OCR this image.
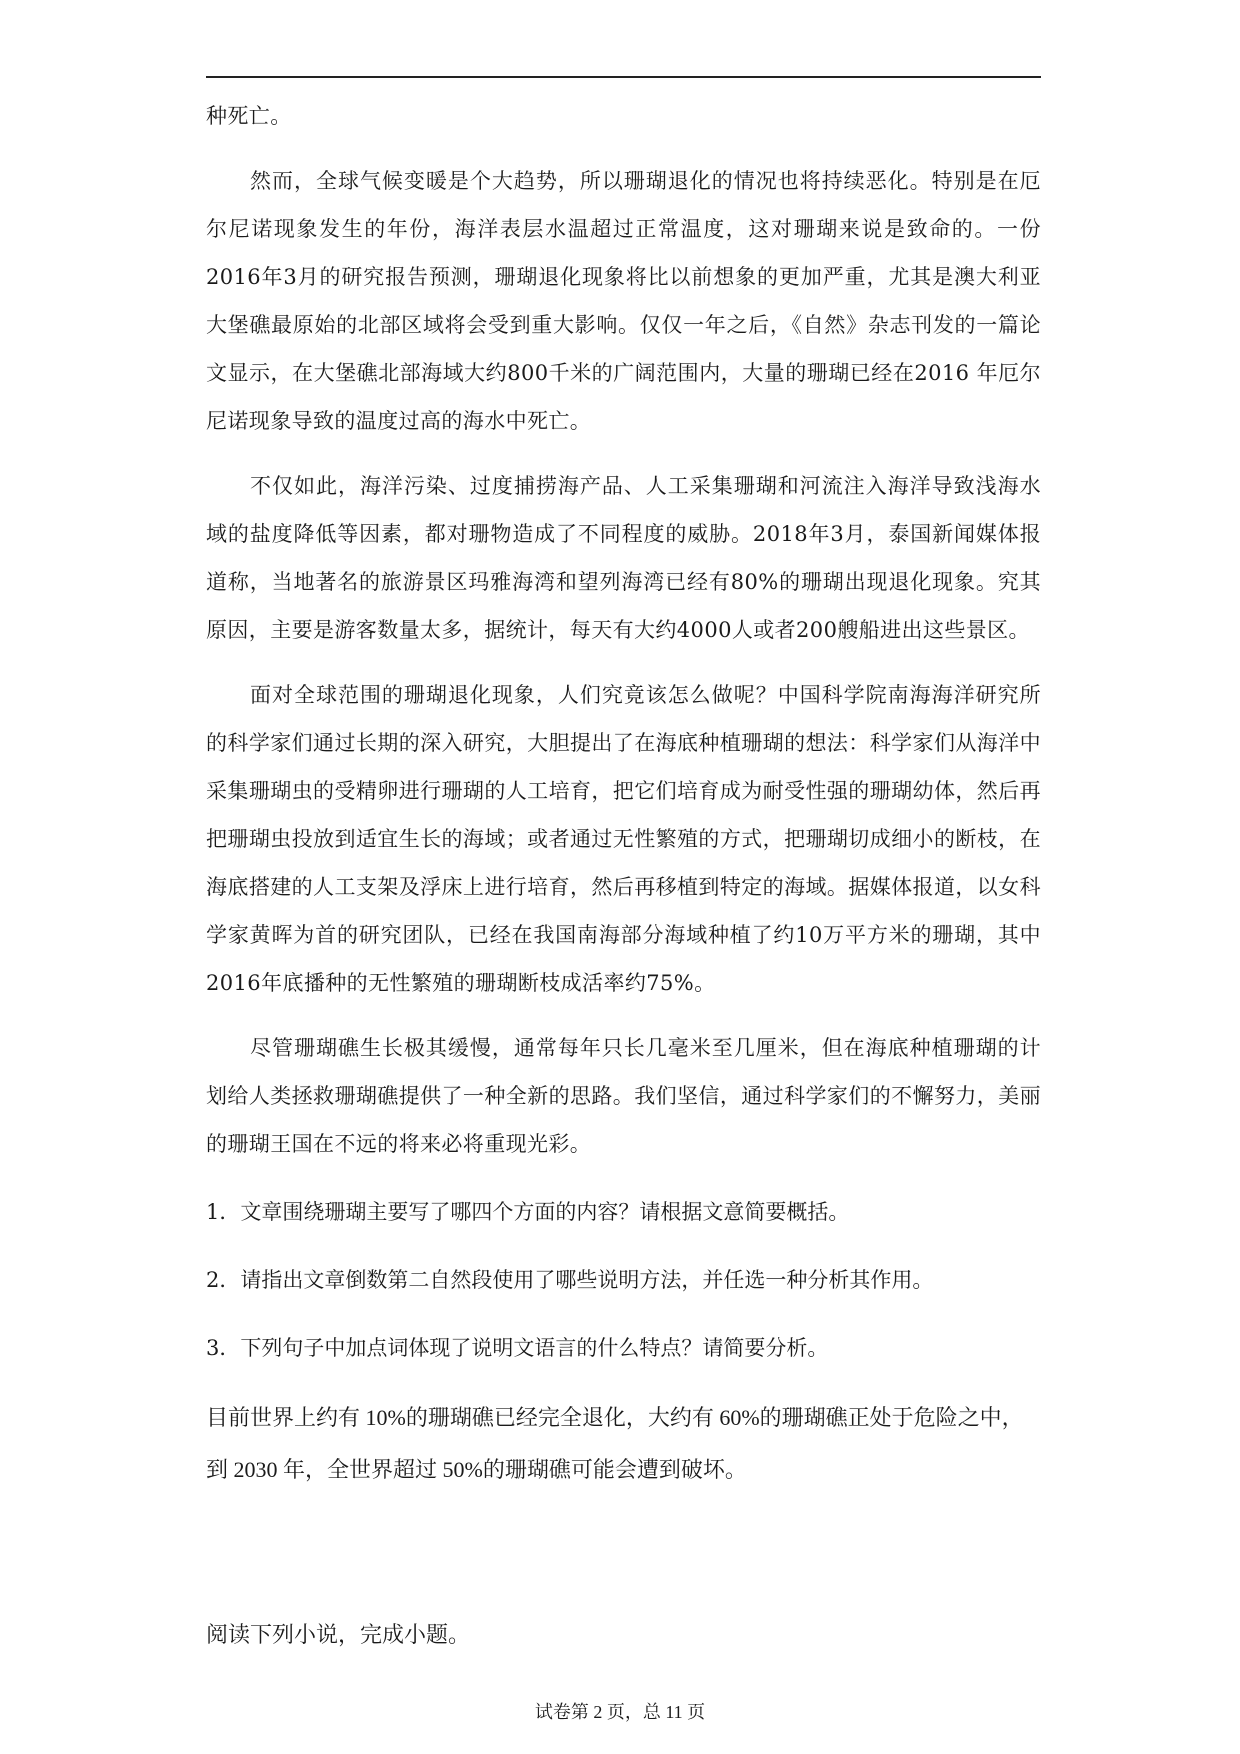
种死亡。

然而，全球气候变暖是个大趋势，所以珊瑚退化的情况也将持续恶化。特别是在厄尔尼诺现象发生的年份，海洋表层水温超过正常温度，这对珊瑚来说是致命的。一份2016年3月的研究报告预测，珊瑚退化现象将比以前想象的更加严重，尤其是澳大利亚大堡礁最原始的北部区域将会受到重大影响。仅仅一年之后，《自然》杂志刊发的一篇论文显示，在大堡礁北部海域大约800千米的广阔范围内，大量的珊瑚已经在2016 年厄尔尼诺现象导致的温度过高的海水中死亡。

不仅如此，海洋污染、过度捕捞海产品、人工采集珊瑚和河流注入海洋导致浅海水域的盐度降低等因素，都对珊物造成了不同程度的威胁。2018年3月，泰国新闻媒体报道称，当地著名的旅游景区玛雅海湾和望列海湾已经有80%的珊瑚出现退化现象。究其原因，主要是游客数量太多，据统计，每天有大约4000人或者200艘船进出这些景区。

面对全球范围的珊瑚退化现象，人们究竟该怎么做呢？中国科学院南海海洋研究所的科学家们通过长期的深入研究，大胆提出了在海底种植珊瑚的想法：科学家们从海洋中采集珊瑚虫的受精卵进行珊瑚的人工培育，把它们培育成为耐受性强的珊瑚幼体，然后再把珊瑚虫投放到适宜生长的海域；或者通过无性繁殖的方式，把珊瑚切成细小的断枝，在海底搭建的人工支架及浮床上进行培育，然后再移植到特定的海域。据媒体报道，以女科学家黄晖为首的研究团队，已经在我国南海部分海域种植了约10万平方米的珊瑚，其中2016年底播种的无性繁殖的珊瑚断枝成活率约75%。

尽管珊瑚礁生长极其缓慢，通常每年只长几毫米至几厘米，但在海底种植珊瑚的计划给人类拯救珊瑚礁提供了一种全新的思路。我们坚信，通过科学家们的不懈努力，美丽的珊瑚王国在不远的将来必将重现光彩。

1．文章围绕珊瑚主要写了哪四个方面的内容？请根据文意简要概括。

2．请指出文章倒数第二自然段使用了哪些说明方法，并任选一种分析其作用。

3．下列句子中加点词体现了说明文语言的什么特点？请简要分析。

目前世界上约有 10%的珊瑚礁已经完全退化，大约有 60%的珊瑚礁正处于危险之中，到 2030 年，全世界超过 50%的珊瑚礁可能会遭到破坏。

阅读下列小说，完成小题。

试卷第 2 页，总 11 页
